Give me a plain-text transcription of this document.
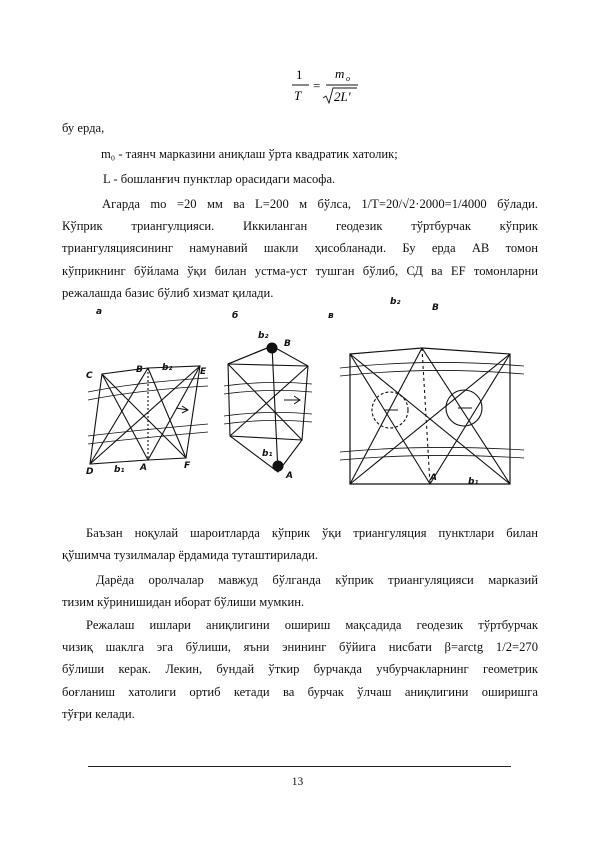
1
T
=
m o
2L'
бу ерда,
m₀ - таянч марказини аниқлаш ўрта квадратик хатолик;
L - бошланғич пунктлар орасидаги масофа.
Агарда mo =20 мм ва L=200 м бўлса, 1/Т=20/√2·2000=1/4000 бўлади.
Кўприк триангулцияси. Иккиланган геодезик тўртбурчак кўприк
триангуляциясининг намунавий шакли ҳисобланади. Бу ерда АВ томон
кўприкнинг бўйлама ўқи билан устма-уст тушган бўлиб, СД ва ЕF томонларни
режалашда базис бўлиб хизмат қилади.
a
C
B b₂	E
D b₁ A	F
б
b₂
B
b₁
A
в
b₂
B
A	b₁
Баъзан ноқулай шароитларда кўприк ўқи триангуляция пунктлари билан
қўшимча тузилмалар ёрдамида туташтирилади.
Дарёда оролчалар мавжуд бўлганда кўприк триангуляцияси марказий
тизим кўринишидан иборат бўлиши мумкин.
Режалаш ишлари аниқлигини ошириш мақсадида геодезик тўртбурчак
чизиқ шаклга эга бўлиши, яъни энининг бўйига нисбати β=arctg 1/2=270
бўлиши керак. Лекин, бундай ўткир бурчакда учбурчакларнинг геометрик
боғланиш хатолиги ортиб кетади ва бурчак ўлчаш аниқлигини оширишга
тўғри келади.
13
